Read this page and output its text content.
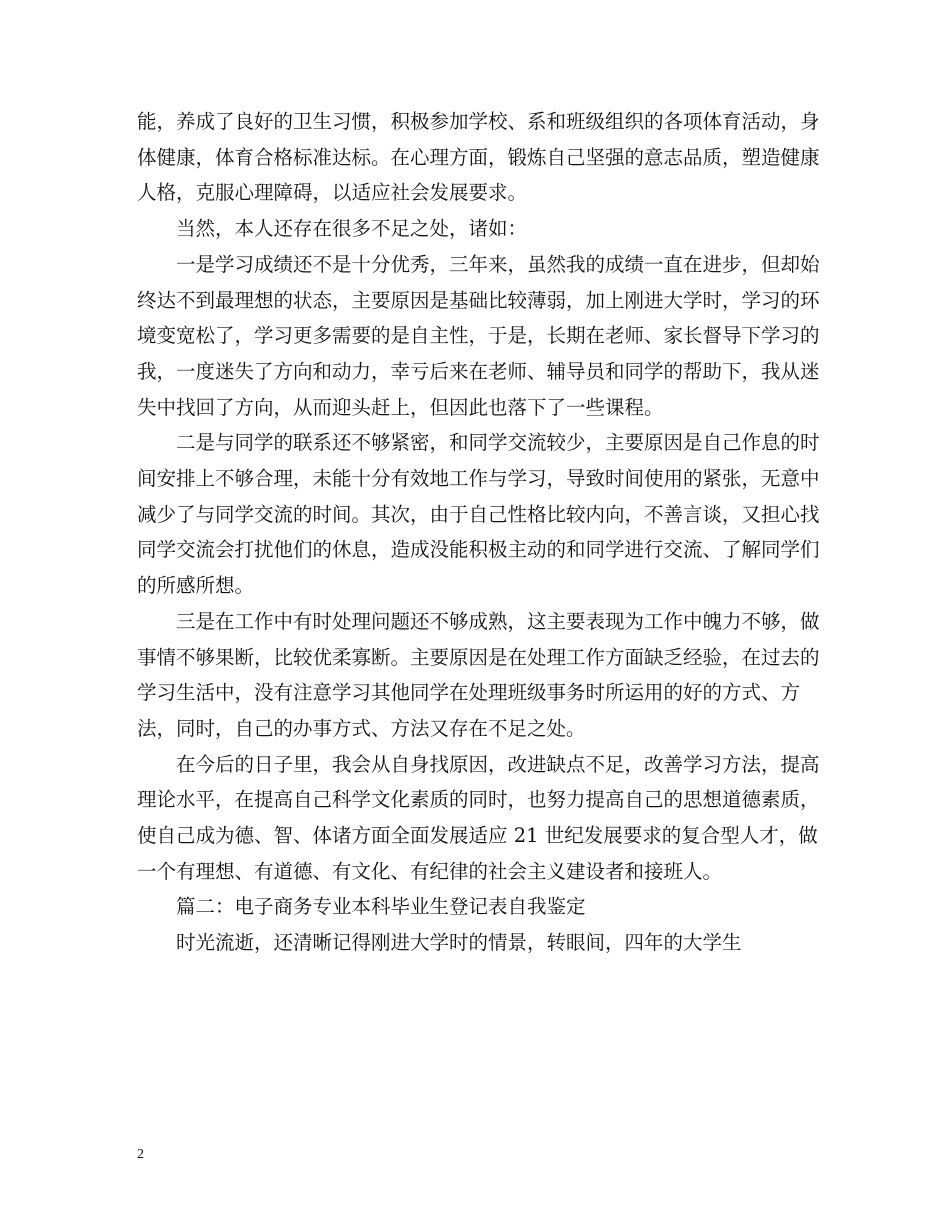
能，养成了良好的卫生习惯，积极参加学校、系和班级组织的各项体育活动，身体健康，体育合格标准达标。在心理方面，锻炼自己坚强的意志品质，塑造健康人格，克服心理障碍，以适应社会发展要求。

　　当然，本人还存在很多不足之处，诸如：

　　一是学习成绩还不是十分优秀，三年来，虽然我的成绩一直在进步，但却始终达不到最理想的状态，主要原因是基础比较薄弱，加上刚进大学时，学习的环境变宽松了，学习更多需要的是自主性，于是，长期在老师、家长督导下学习的我，一度迷失了方向和动力，幸亏后来在老师、辅导员和同学的帮助下，我从迷失中找回了方向，从而迎头赶上，但因此也落下了一些课程。

　　二是与同学的联系还不够紧密，和同学交流较少，主要原因是自己作息的时间安排上不够合理，未能十分有效地工作与学习，导致时间使用的紧张，无意中减少了与同学交流的时间。其次，由于自己性格比较内向，不善言谈，又担心找同学交流会打扰他们的休息，造成没能积极主动的和同学进行交流、了解同学们的所感所想。

　　三是在工作中有时处理问题还不够成熟，这主要表现为工作中魄力不够，做事情不够果断，比较优柔寡断。主要原因是在处理工作方面缺乏经验，在过去的学习生活中，没有注意学习其他同学在处理班级事务时所运用的好的方式、方法，同时，自己的办事方式、方法又存在不足之处。

　　在今后的日子里，我会从自身找原因，改进缺点不足，改善学习方法，提高理论水平，在提高自己科学文化素质的同时，也努力提高自己的思想道德素质，使自己成为德、智、体诸方面全面发展适应 21 世纪发展要求的复合型人才，做一个有理想、有道德、有文化、有纪律的社会主义建设者和接班人。

　　篇二：电子商务专业本科毕业生登记表自我鉴定

　　时光流逝，还清晰记得刚进大学时的情景，转眼间，四年的大学生

2
